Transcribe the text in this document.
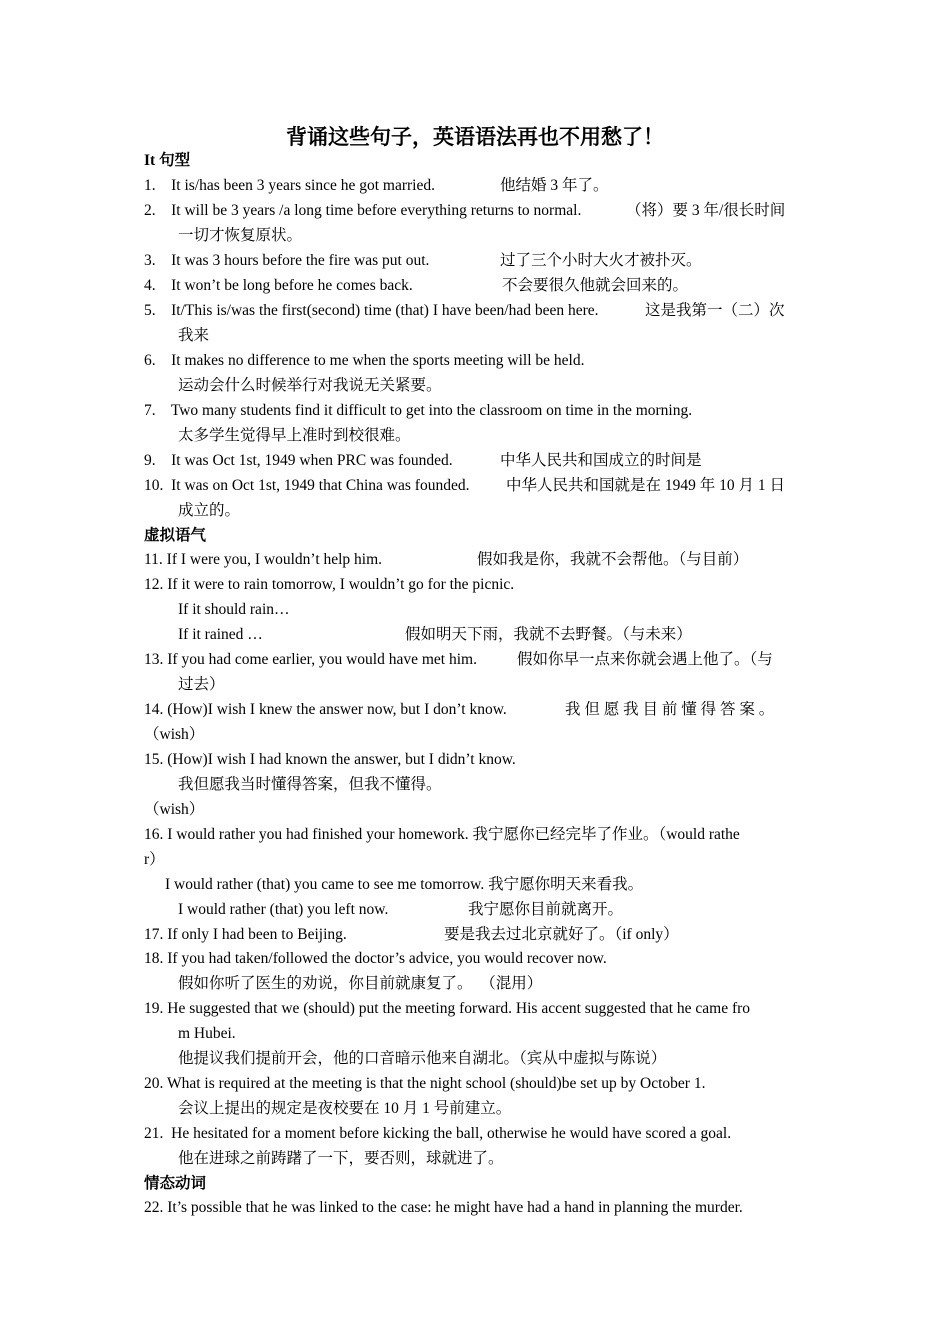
背诵这些句子，英语语法再也不用愁了！
It 句型
1.    It is/has been 3 years since he got married.	他结婚 3 年了。
2.    It will be 3 years /a long time before everything returns to normal.	（将）要 3 年/很长时间
一切才恢复原状。
3.    It was 3 hours before the fire was put out.	过了三个小时大火才被扑灭。
4.    It won’t be long before he comes back.	不会要很久他就会回来的。
5.    It/This is/was the first(second) time (that) I have been/had been here.	这是我第一（二）次
我来
6.    It makes no difference to me when the sports meeting will be held.
运动会什么时候举行对我说无关紧要。
7.    Two many students find it difficult to get into the classroom on time in the morning.
太多学生觉得早上准时到校很难。
9.    It was Oct 1st, 1949 when PRC was founded.	中华人民共和国成立的时间是
10.  It was on Oct 1st, 1949 that China was founded. 中华人民共和国就是在 1949 年 10 月 1 日
成立的。
虚拟语气
11. If I were you, I wouldn’t help him.	假如我是你，我就不会帮他。（与目前）
12. If it were to rain tomorrow, I wouldn’t go for the picnic.
If it should rain…
If it rained …	假如明天下雨，我就不去野餐。（与未来）
13. If you had come earlier, you would have met him.	假如你早一点来你就会遇上他了。（与
过去）
14. (How)I wish I knew the answer now, but I don’t know.	我 但 愿 我 目 前 懂 得 答 案 。
（wish）
15. (How)I wish I had known the answer, but I didn’t know.
我但愿我当时懂得答案，但我不懂得。
（wish）
16. I would rather you had finished your homework. 我宁愿你已经完毕了作业。（would rathe
r）
I would rather (that) you came to see me tomorrow. 我宁愿你明天来看我。
I would rather (that) you left now.	我宁愿你目前就离开。
17. If only I had been to Beijing.	要是我去过北京就好了。（if only）
18. If you had taken/followed the doctor’s advice, you would recover now.
假如你听了医生的劝说，你目前就康复了。  （混用）
19. He suggested that we (should) put the meeting forward. His accent suggested that he came fro
m Hubei.
他提议我们提前开会，他的口音暗示他来自湖北。（宾从中虚拟与陈说）
20. What is required at the meeting is that the night school (should)be set up by October 1.
会议上提出的规定是夜校要在 10 月 1 号前建立。
21.  He hesitated for a moment before kicking the ball, otherwise he would have scored a goal.
他在进球之前踌躇了一下，要否则，球就进了。
情态动词
22. It’s possible that he was linked to the case: he might have had a hand in planning the murder.
